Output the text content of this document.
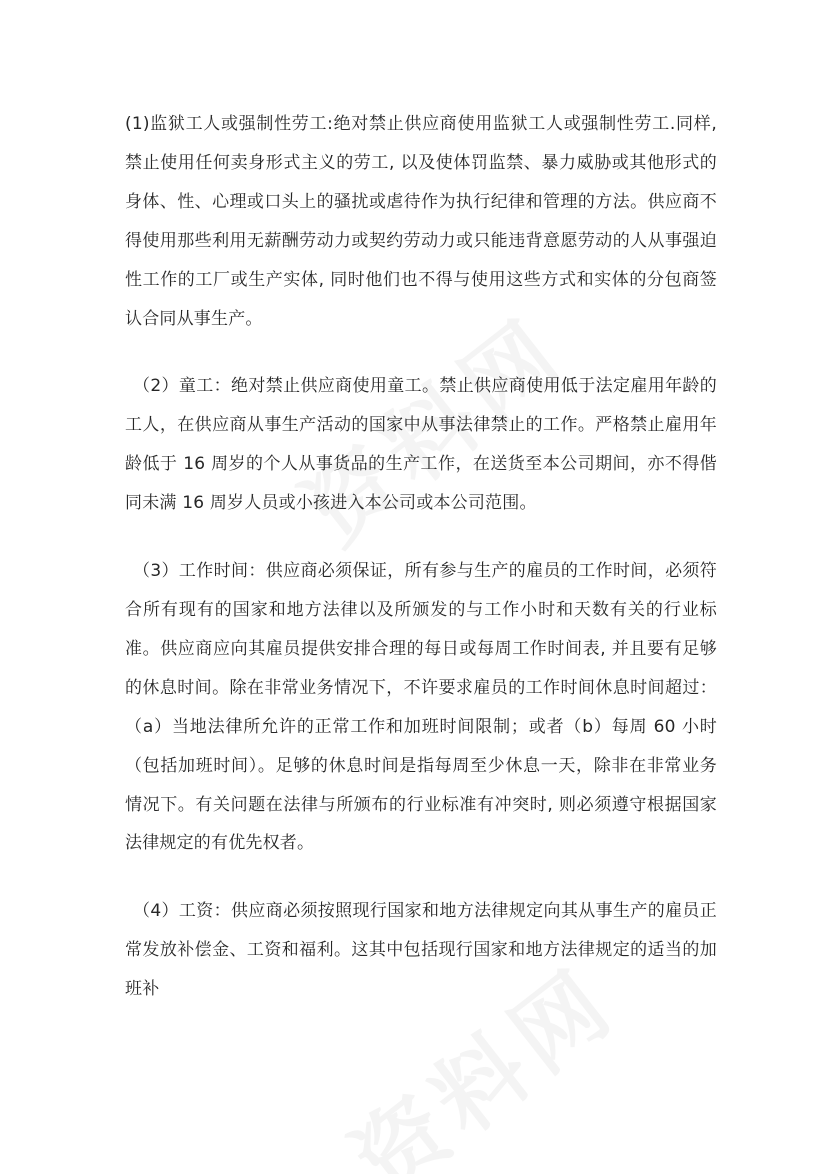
(1)监狱工人或强制性劳工:绝对禁止供应商使用监狱工人或强制性劳工.同样,禁止使用任何卖身形式主义的劳工, 以及使体罚监禁、暴力威胁或其他形式的身体、性、心理或口头上的骚扰或虐待作为执行纪律和管理的方法。供应商不得使用那些利用无薪酬劳动力或契约劳动力或只能违背意愿劳动的人从事强迫性工作的工厂或生产实体, 同时他们也不得与使用这些方式和实体的分包商签认合同从事生产。

（2）童工：绝对禁止供应商使用童工。禁止供应商使用低于法定雇用年龄的工人，在供应商从事生产活动的国家中从事法律禁止的工作。严格禁止雇用年龄低于 16 周岁的个人从事货品的生产工作，在送货至本公司期间，亦不得偕同未满 16 周岁人员或小孩进入本公司或本公司范围。

（3）工作时间：供应商必须保证，所有参与生产的雇员的工作时间，必须符合所有现有的国家和地方法律以及所颁发的与工作小时和天数有关的行业标准。供应商应向其雇员提供安排合理的每日或每周工作时间表, 并且要有足够的休息时间。除在非常业务情况下，不许要求雇员的工作时间休息时间超过：（a）当地法律所允许的正常工作和加班时间限制；或者（b）每周 60 小时（包括加班时间）。足够的休息时间是指每周至少休息一天，除非在非常业务情况下。有关问题在法律与所颁布的行业标准有冲突时, 则必须遵守根据国家法律规定的有优先权者。

（4）工资：供应商必须按照现行国家和地方法律规定向其从事生产的雇员正常发放补偿金、工资和福利。这其中包括现行国家和地方法律规定的适当的加班补
